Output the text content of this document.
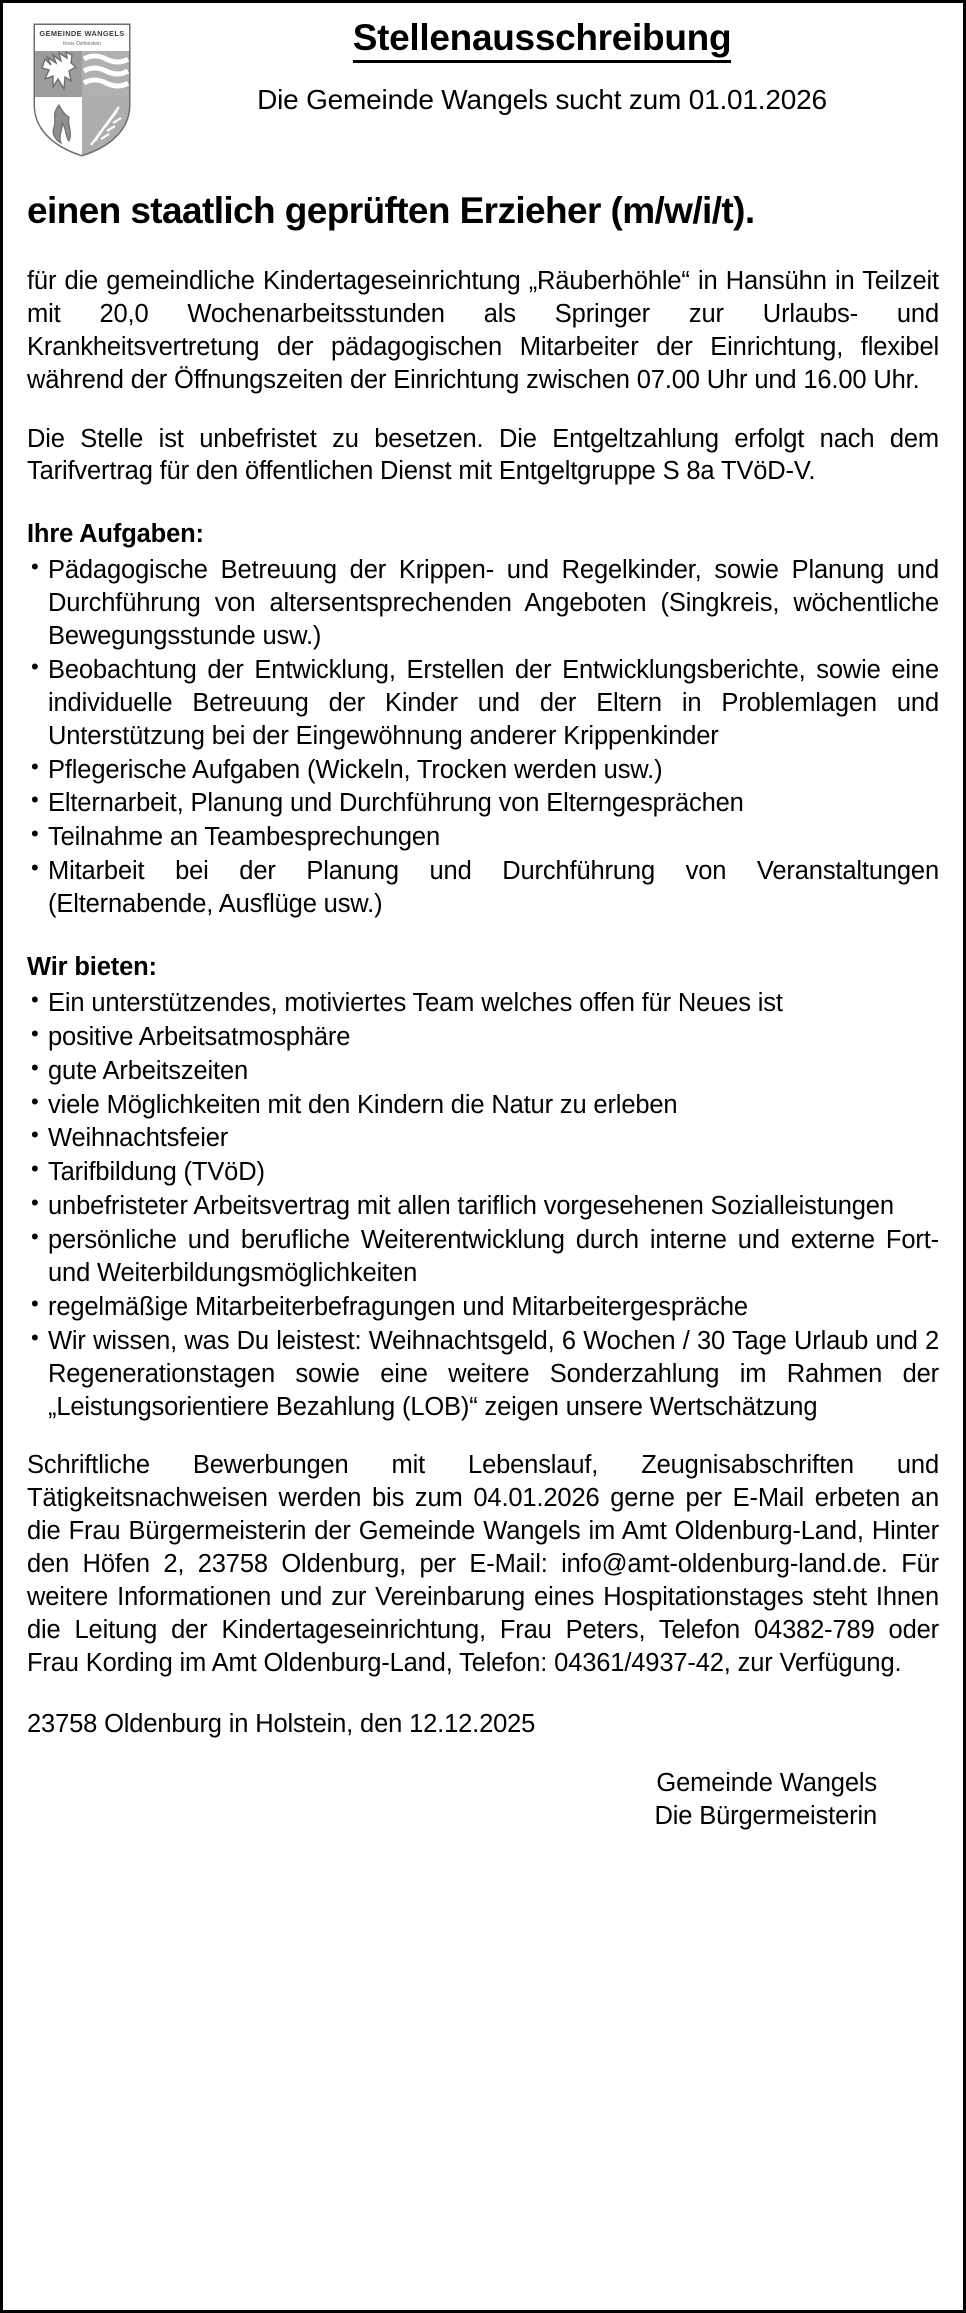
GEMEINDE WANGELS
Kreis Ostholstein	Stellenausschreibung
Die Gemeinde Wangels sucht zum 01.01.2026
einen staatlich geprüften Erzieher (m/w/i/t).

für die gemeindliche Kindertageseinrichtung „Räuberhöhle“ in Hansühn in Teilzeit mit 20,0 Wochenarbeitsstunden als Springer zur Urlaubs- und Krankheitsvertretung der pädagogischen Mitarbeiter der Einrichtung, flexibel während der Öffnungszeiten der Einrichtung zwischen 07.00 Uhr und 16.00 Uhr.

Die Stelle ist unbefristet zu besetzen. Die Entgeltzahlung erfolgt nach dem Tarifvertrag für den öffentlichen Dienst mit Entgeltgruppe S 8a TVöD-V.

Ihre Aufgaben:
• Pädagogische Betreuung der Krippen- und Regelkinder, sowie Planung und Durchführung von altersentsprechenden Angeboten (Singkreis, wöchentliche Bewegungsstunde usw.)
• Beobachtung der Entwicklung, Erstellen der Entwicklungsberichte, sowie eine individuelle Betreuung der Kinder und der Eltern in Problemlagen und Unterstützung bei der Eingewöhnung anderer Krippenkinder
• Pflegerische Aufgaben (Wickeln, Trocken werden usw.)
• Elternarbeit, Planung und Durchführung von Elterngesprächen
• Teilnahme an Teambesprechungen
• Mitarbeit bei der Planung und Durchführung von Veranstaltungen (Elternabende, Ausflüge usw.)
Wir bieten:
• Ein unterstützendes, motiviertes Team welches offen für Neues ist
• positive Arbeitsatmosphäre
• gute Arbeitszeiten
• viele Möglichkeiten mit den Kindern die Natur zu erleben
• Weihnachtsfeier
• Tarifbildung (TVöD)
• unbefristeter Arbeitsvertrag mit allen tariflich vorgesehenen Sozialleistungen
• persönliche und berufliche Weiterentwicklung durch interne und externe Fort- und Weiterbildungsmöglichkeiten
• regelmäßige Mitarbeiterbefragungen und Mitarbeitergespräche
• Wir wissen, was Du leistest: Weihnachtsgeld, 6 Wochen / 30 Tage Urlaub und 2 Regenerationstagen sowie eine weitere Sonderzahlung im Rahmen der „Leistungsorientiere Bezahlung (LOB)“ zeigen unsere Wertschätzung

Schriftliche Bewerbungen mit Lebenslauf, Zeugnisabschriften und Tätigkeitsnachweisen werden bis zum 04.01.2026 gerne per E-Mail erbeten an die Frau Bürgermeisterin der Gemeinde Wangels im Amt Oldenburg-Land, Hinter den Höfen 2, 23758 Oldenburg, per E-Mail: info@amt-oldenburg-land.de. Für weitere Informationen und zur Vereinbarung eines Hospitationstages steht Ihnen die Leitung der Kindertageseinrichtung, Frau Peters, Telefon 04382-789 oder Frau Kording im Amt Oldenburg-Land, Telefon: 04361/4937-42, zur Verfügung.

23758 Oldenburg in Holstein, den 12.12.2025

Gemeinde Wangels
Die Bürgermeisterin
